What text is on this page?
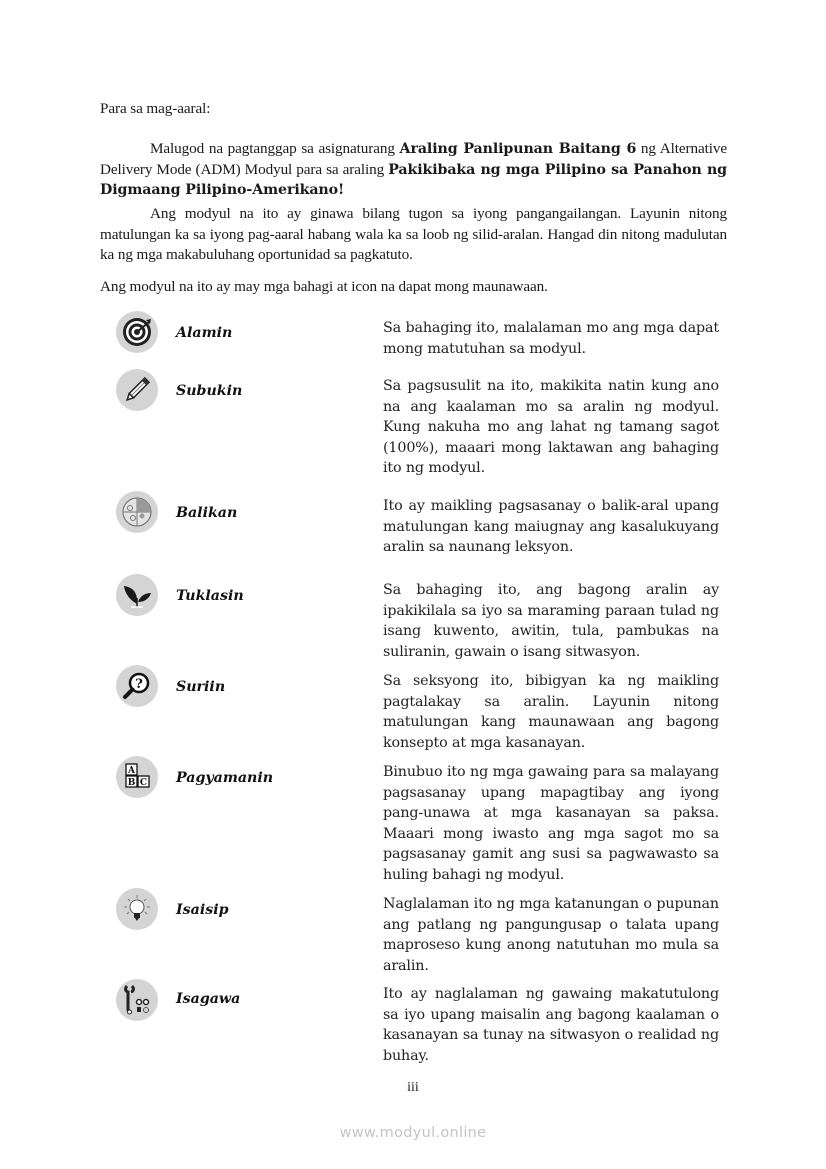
Para sa mag-aaral:
Malugod na pagtanggap sa asignaturang Araling Panlipunan Baitang 6 ng Alternative Delivery Mode (ADM) Modyul para sa araling Pakikibaka ng mga Pilipino sa Panahon ng Digmaang Pilipino-Amerikano!
Ang modyul na ito ay ginawa bilang tugon sa iyong pangangailangan. Layunin nitong matulungan ka sa iyong pag-aaral habang wala ka sa loob ng silid-aralan. Hangad din nitong madulutan ka ng mga makabuluhang oportunidad sa pagkatuto.
Ang modyul na ito ay may mga bahagi at icon na dapat mong maunawaan.
Alamin	Sa bahaging ito, malalaman mo ang mga dapat mong matutuhan sa modyul.
Subukin	Sa pagsusulit na ito, makikita natin kung ano na ang kaalaman mo sa aralin ng modyul. Kung nakuha mo ang lahat ng tamang sagot (100%), maaari mong laktawan ang bahaging ito ng modyul.
Balikan	Ito ay maikling pagsasanay o balik-aral upang matulungan kang maiugnay ang kasalukuyang aralin sa naunang leksyon.
Tuklasin	Sa bahaging ito, ang bagong aralin ay ipakikilala sa iyo sa maraming paraan tulad ng isang kuwento, awitin, tula, pambukas na suliranin, gawain o isang sitwasyon.
? Suriin	Sa seksyong ito, bibigyan ka ng maikling pagtalakay sa aralin. Layunin nitong matulungan kang maunawaan ang bagong konsepto at mga kasanayan.
A
B C Pagyamanin	Binubuo ito ng mga gawaing para sa malayang pagsasanay upang mapagtibay ang iyong pang-unawa at mga kasanayan sa paksa. Maaari mong iwasto ang mga sagot mo sa pagsasanay gamit ang susi sa pagwawasto sa huling bahagi ng modyul.
Isaisip	Naglalaman ito ng mga katanungan o pupunan ang patlang ng pangungusap o talata upang maproseso kung anong natutuhan mo mula sa aralin.
Isagawa	Ito ay naglalaman ng gawaing makatutulong sa iyo upang maisalin ang bagong kaalaman o kasanayan sa tunay na sitwasyon o realidad ng buhay.
iii
www.modyul.online
